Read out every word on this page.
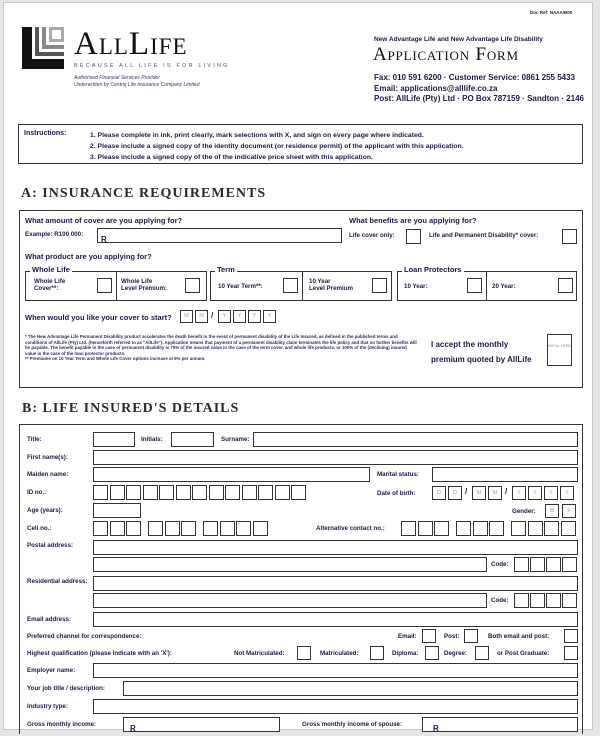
AllLife
BECAUSE ALL LIFE IS FOR LIVING
Authorised Financial Services Provider
Underwritten by Centriq Life Insurance Company Limited
Doc Ref: NAAA/B00
New Advantage Life and New Advantage Life Disability
Application Form
Fax: 010 591 6200 · Customer Service: 0861 255 5433
Email: applications@alllife.co.za
Post: AllLife (Pty) Ltd · PO Box 787159 · Sandton · 2146
Instructions:	1. Please complete in ink, print clearly, mark selections with X, and sign on every page where indicated.
2. Please include a signed copy of the identity document (or residence permit) of the applicant with this application.
3. Please include a signed copy of the of the indicative price sheet with this application.
A: INSURANCE REQUIREMENTS
What amount of cover are you applying for?
Example: R100 000:
R
What benefits are you applying for?
Life cover only:	Life and Permanent Disability* cover:
What product are you applying for?
Whole Life
Whole Life
Cover**:
Whole Life
Level Premium:
Term
10 Year Term**:
10 Year
Level Premium
Loan Protectors
10 Year:	20 Year:
When would you like your cover to start?	M	M /	Y	Y	Y	Y
* The New Advantage Life Permanent Disability product accelerates the death benefit in the event of permanent disability of the Life Insured, as defined in the published terms and conditions of AllLife (Pty) Ltd. (henceforth referred to as "AllLife"). Application means that payment of a permanent disability claim terminates the life policy and that no further benefits will be payable. The benefit payable in the case of permanent disability is 75% of the insured value in the case of the term cover, and whole life products, or 100% of the (declining) insured value in the case of the loan protector products.
** Premiums on 10 Year Term and Whole Life Cover options increase at 6% per annum.
I accept the monthly
premium quoted by AllLife
INITIAL HERE
B: LIFE INSURED'S DETAILS
Title:	Initials:	Surname:
First name(s):
Maiden name:	Marital status:
ID no.:	Date of birth:	D	D	/	M	M /	Y	Y	Y	Y
Age (years):	Gender:	M	F
Cell no.:	Alternative contact no.:
Postal address:
Code:
Residential address:
Code:
Email address:
Preferred channel for correspondence:	Email:	Post:	Both email and post:
Highest qualification (please indicate with an 'X'):	Not Matriculated:	Matriculated:	Diploma:	Degree:	or Post Graduate:
Employer name:
Your job title / description:
Industry type:
Gross monthly income:	R	Gross monthly income of spouse:	R
